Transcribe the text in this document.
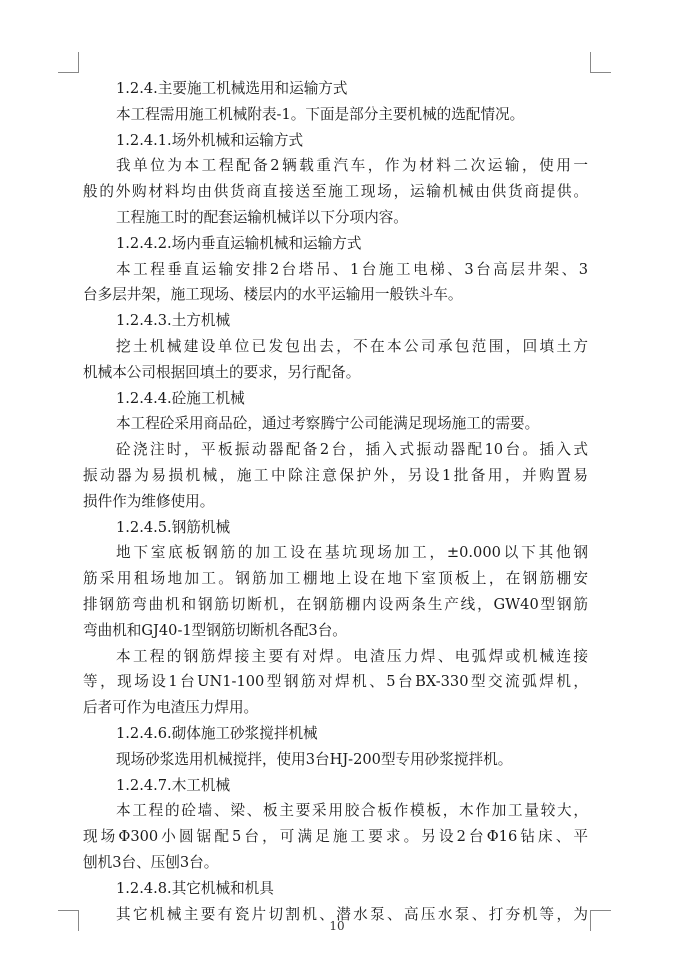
1.2.4.主要施工机械选用和运输方式
本工程需用施工机械附表-1。下面是部分主要机械的选配情况。
1.2.4.1.场外机械和运输方式
我单位为本工程配备2辆载重汽车，作为材料二次运输，使用一
般的外购材料均由供货商直接送至施工现场，运输机械由供货商提供。
工程施工时的配套运输机械详以下分项内容。
1.2.4.2.场内垂直运输机械和运输方式
本工程垂直运输安排2台塔吊、1台施工电梯、3台高层井架、3
台多层井架，施工现场、楼层内的水平运输用一般铁斗车。
1.2.4.3.土方机械
挖土机械建设单位已发包出去，不在本公司承包范围，回填土方
机械本公司根据回填土的要求，另行配备。
1.2.4.4.砼施工机械
本工程砼采用商品砼，通过考察腾宁公司能满足现场施工的需要。
砼浇注时，平板振动器配备2台，插入式振动器配10台。插入式
振动器为易损机械，施工中除注意保护外，另设1批备用，并购置易
损件作为维修使用。
1.2.4.5.钢筋机械
地下室底板钢筋的加工设在基坑现场加工，±0.000以下其他钢
筋采用租场地加工。钢筋加工棚地上设在地下室顶板上，在钢筋棚安
排钢筋弯曲机和钢筋切断机，在钢筋棚内设两条生产线，GW40型钢筋
弯曲机和GJ40-1型钢筋切断机各配3台。
本工程的钢筋焊接主要有对焊。电渣压力焊、电弧焊或机械连接
等，现场设1台UN1-100型钢筋对焊机、5台BX-330型交流弧焊机，
后者可作为电渣压力焊用。
1.2.4.6.砌体施工砂浆搅拌机械
现场砂浆选用机械搅拌，使用3台HJ-200型专用砂浆搅拌机。
1.2.4.7.木工机械
本工程的砼墙、梁、板主要采用胶合板作模板，木作加工量较大，
现场Φ300小圆锯配5台，可满足施工要求。另设2台Φ16钻床、平
刨机3台、压刨3台。
1.2.4.8.其它机械和机具
其它机械主要有瓷片切割机、潜水泵、高压水泵、打夯机等，为
10
